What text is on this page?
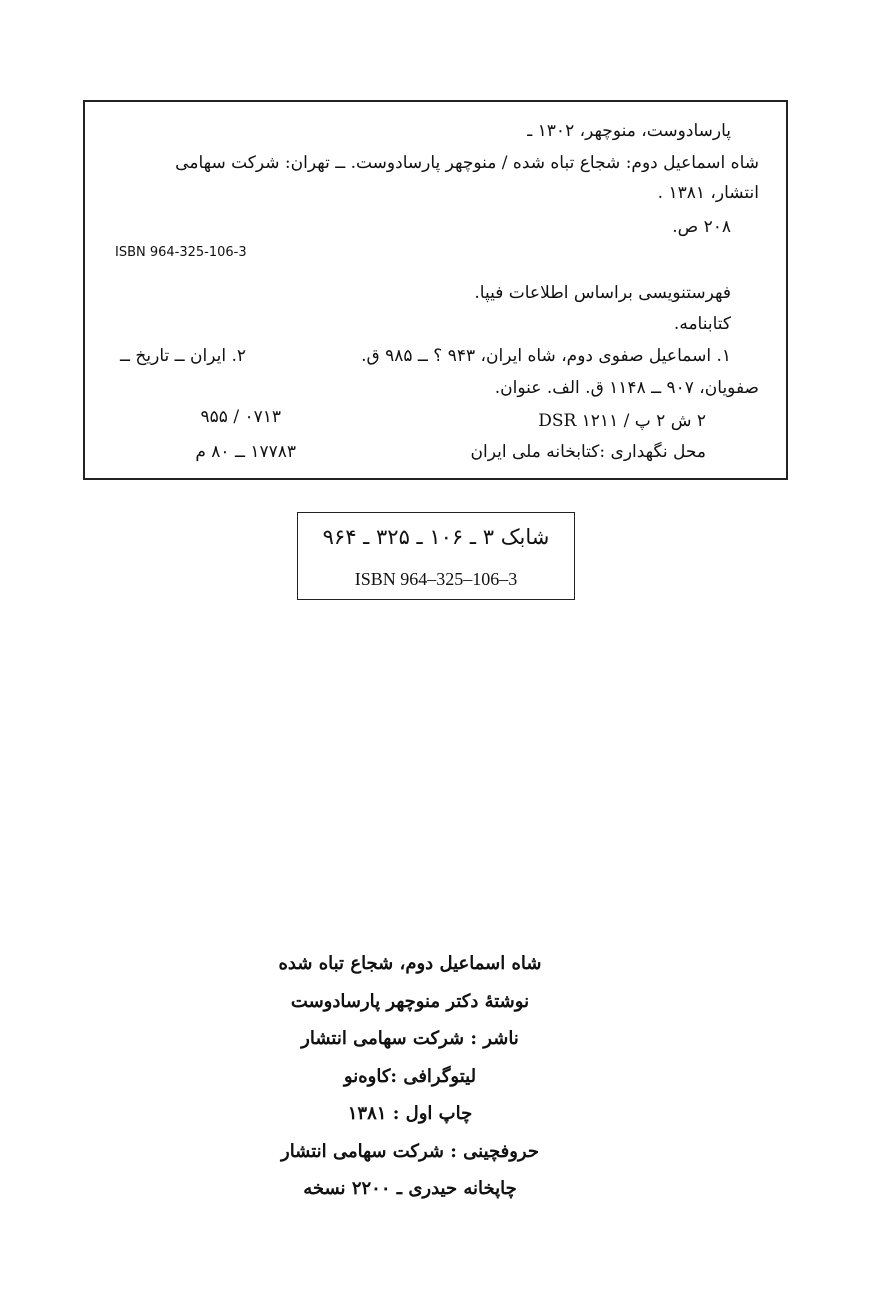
پارسادوست، منوچهر، ۱۳۰۲ ـ
شاه اسماعیل دوم: شجاع تباه شده / منوچهر پارسادوست. ــ تهران: شرکت سهامی
انتشار، ۱۳۸۱ .
۲۰۸ ص.
ISBN 964-325-106-3
فهرستنویسی براساس اطلاعات فیپا.
کتابنامه.
۱. اسماعیل صفوی دوم، شاه ایران، ۹۴۳ ؟ ــ ۹۸۵ ق.
۲. ایران ــ تاریخ ــ
صفویان، ۹۰۷ ــ ۱۱۴۸ ق. الف. عنوان.
۲ ش ۲ پ / ۱۲۱۱ DSR
۹۵۵ / ۰۷۱۳
محل نگهداری :کتابخانه ملی ایران
۱۷۷۸۳ ــ ۸۰ م
شابک ۳ ـ ۱۰۶ ـ ۳۲۵ ـ ۹۶۴
ISBN 964–325–106–3
شاه اسماعیل دوم، شجاع تباه شده
نوشتۀ دکتر منوچهر پارسادوست
ناشر : شرکت سهامی انتشار
لیتوگرافی :کاوه‌نو
چاپ اول : ۱۳۸۱
حروفچینی : شرکت سهامی انتشار
چاپخانه حیدری ـ ۲۲۰۰ نسخه
